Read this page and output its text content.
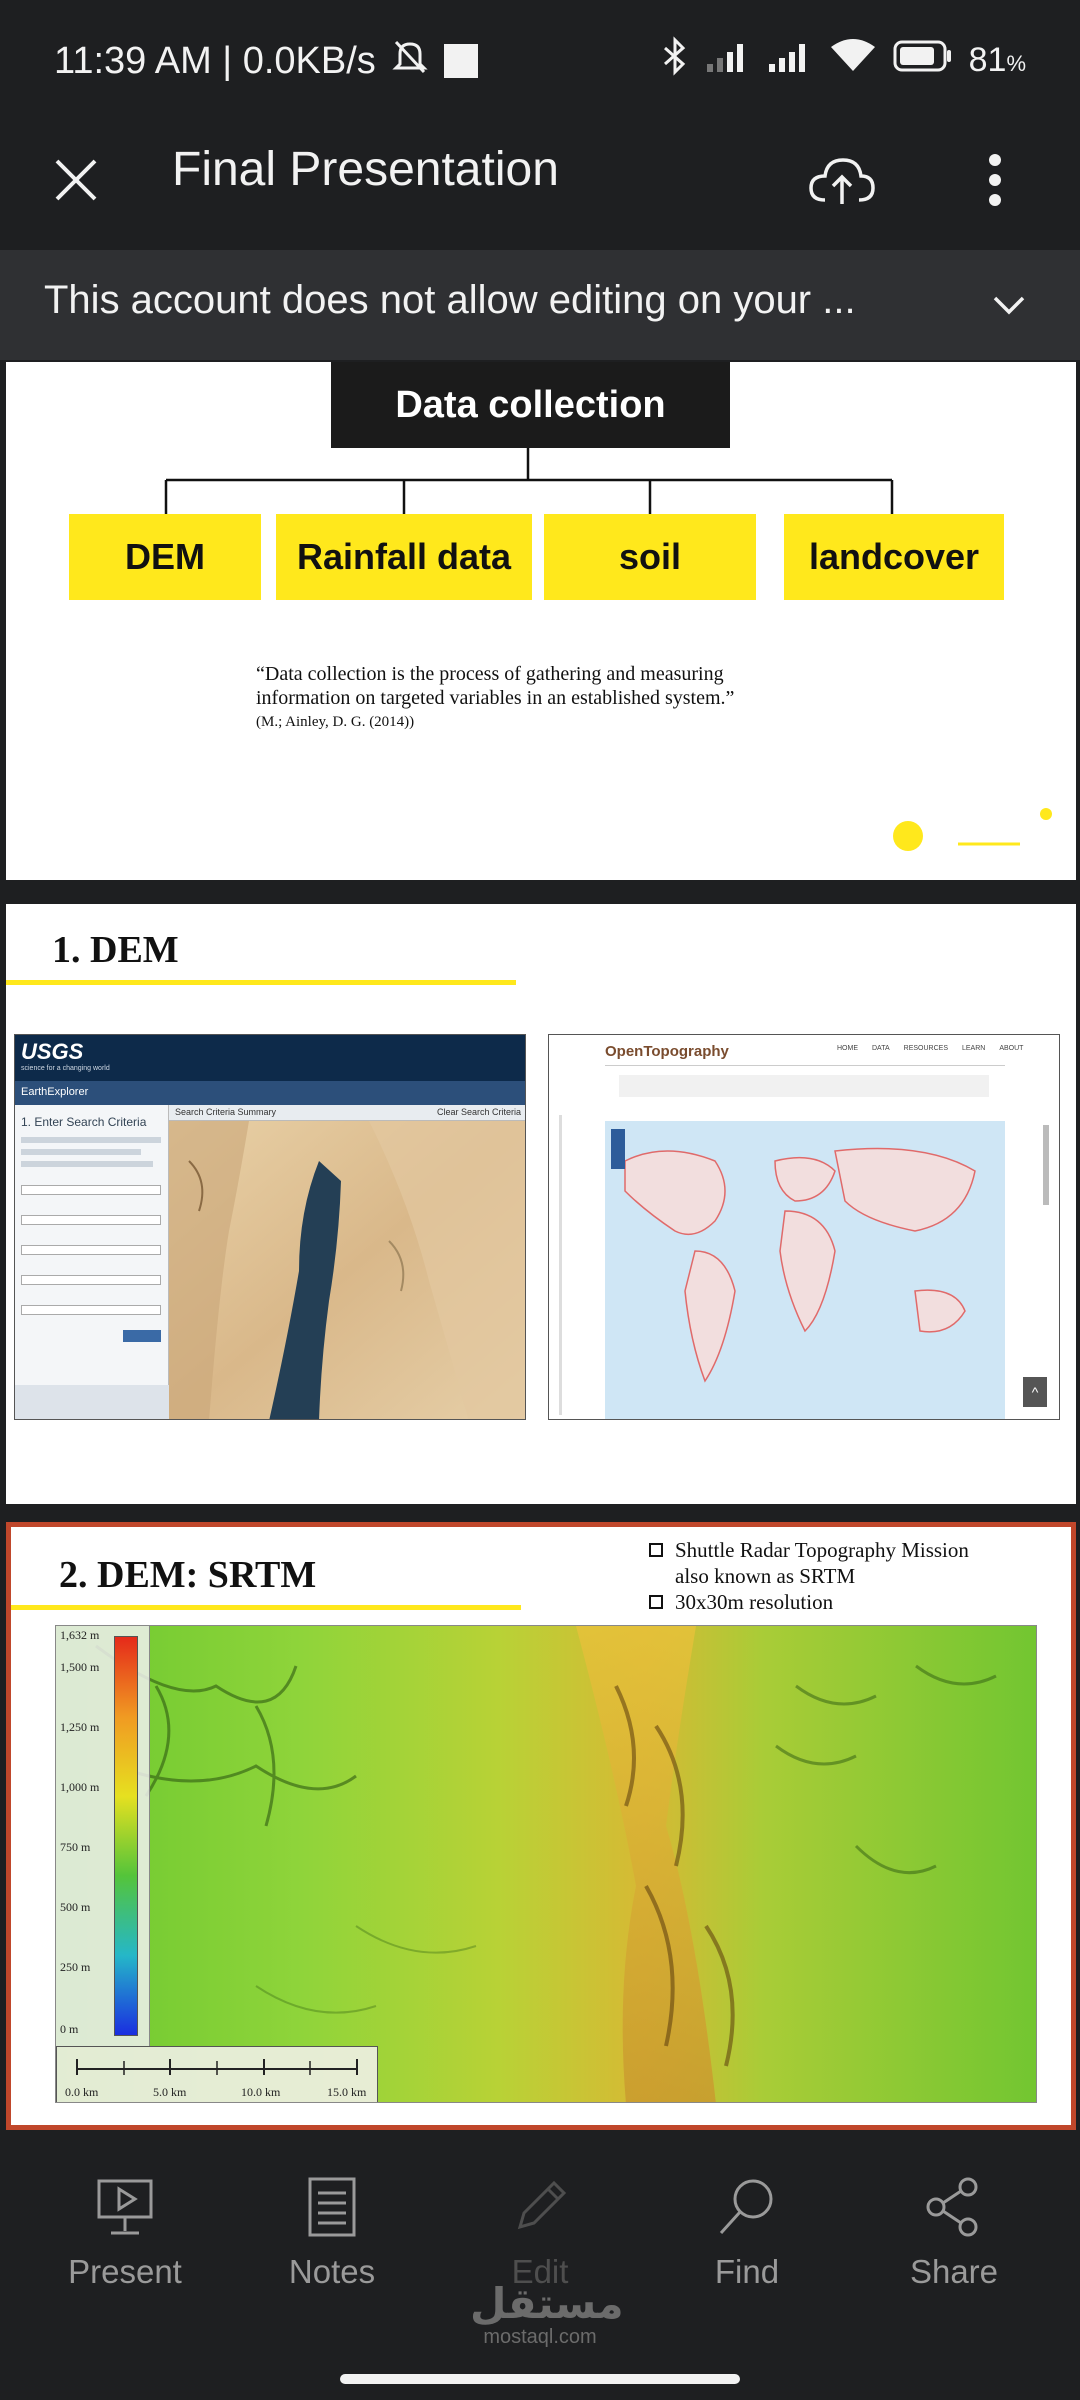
11:39 AM | 0.0KB/s	81%
Final Presentation
This account does not allow editing on your ...
Data collection
DEM	Rainfall data	soil	landcover
“Data collection is the process of gathering and measuring
information on targeted variables in an established system.”
(M.; Ainley, D. G. (2014))
1. DEM
USGS
science for a changing world
EarthExplorer
1. Enter Search Criteria
Search Criteria Summary	Clear Search Criteria
OpenTopography	HOME DATA RESOURCES LEARN ABOUT
^
2. DEM: SRTM
Shuttle Radar Topography Mission also known as SRTM
30x30m resolution
1,632 m
1,500 m
1,250 m
1,000 m
750 m
500 m
250 m
0 m
0.0 km	5.0 km	10.0 km	15.0 km
Present	Notes	Edit	Find	Share
مستقل
mostaql.com
